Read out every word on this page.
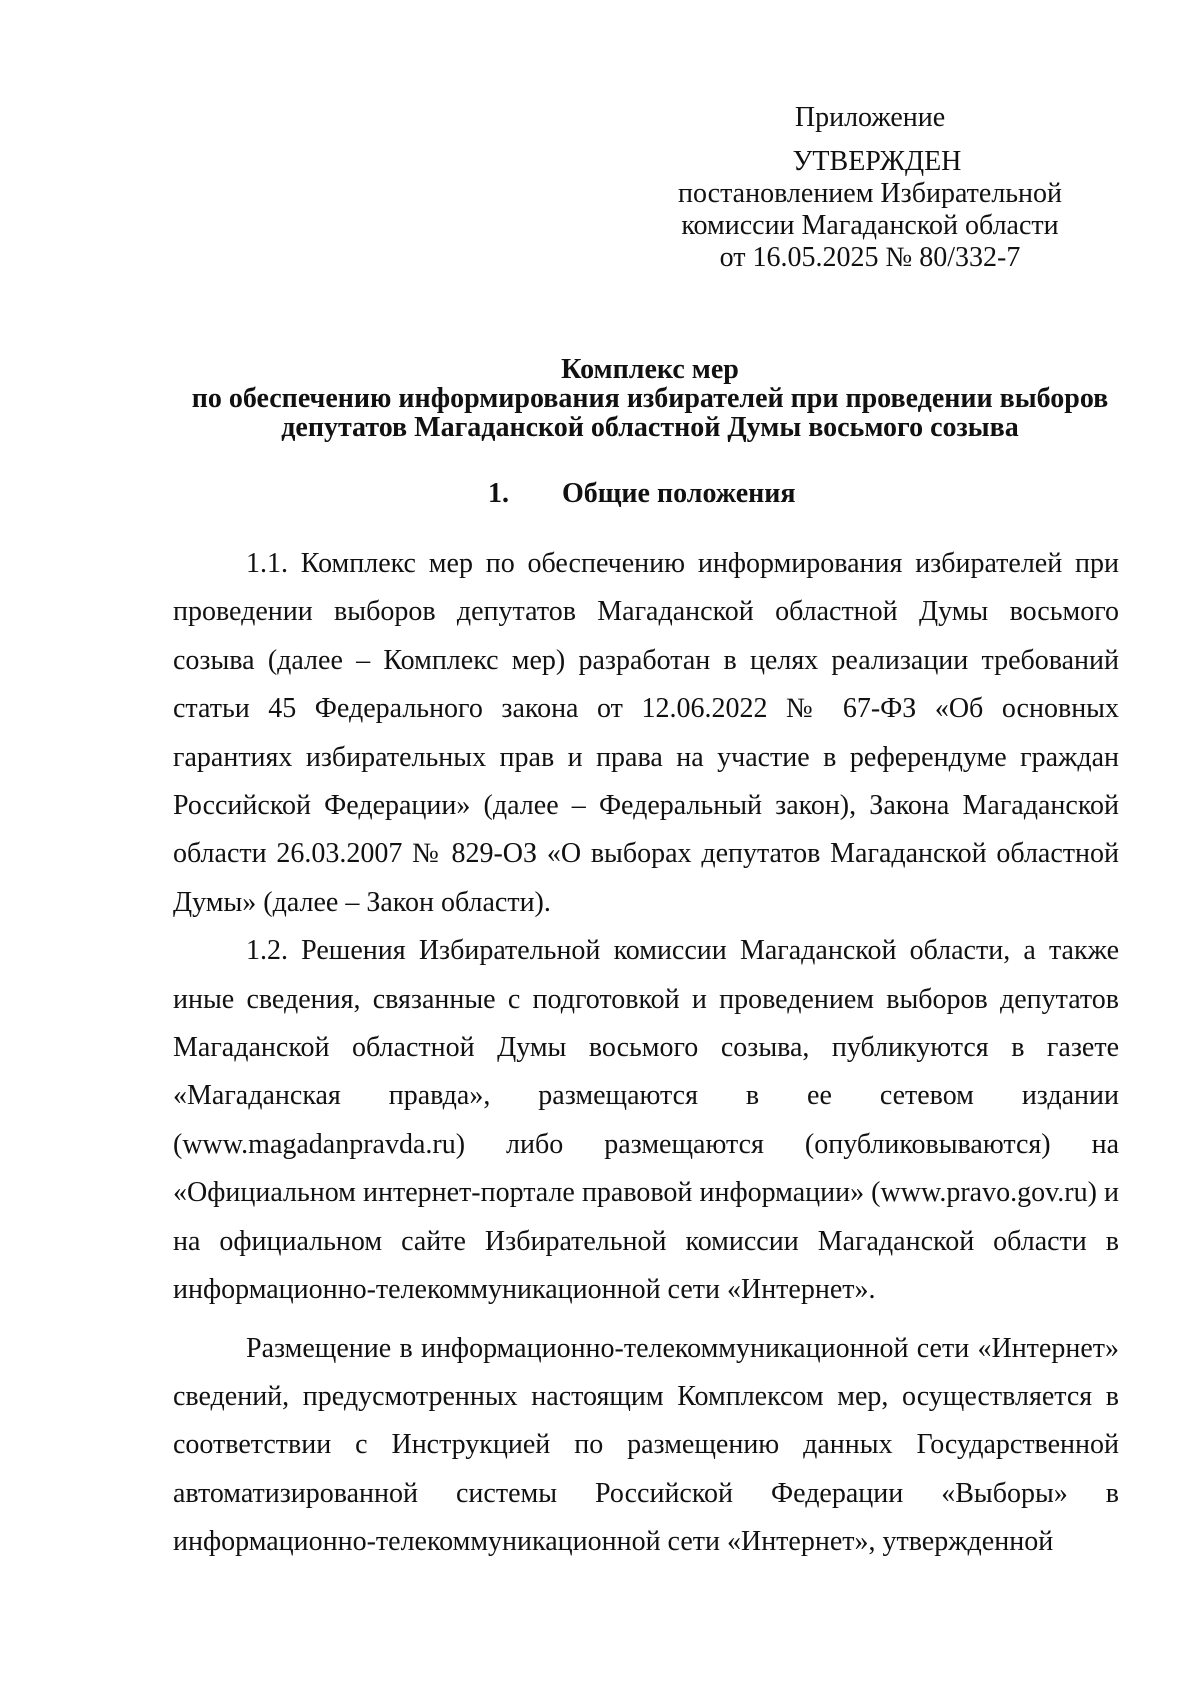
Приложение
УТВЕРЖДЕН
постановлением Избирательной
комиссии Магаданской области
от 16.05.2025 № 80/332-7
Комплекс мер
по обеспечению информирования избирателей при проведении выборов
депутатов Магаданской областной Думы восьмого созыва
1. Общие положения

1.1. Комплекс мер по обеспечению информирования избирателей при проведении выборов депутатов Магаданской областной Думы восьмого созыва (далее – Комплекс мер) разработан в целях реализации требований статьи 45 Федерального закона от 12.06.2022 № 67-ФЗ «Об основных гарантиях избирательных прав и права на участие в референдуме граждан Российской Федерации» (далее – Федеральный закон), Закона Магаданской области 26.03.2007 № 829-ОЗ «О выборах депутатов Магаданской областной Думы» (далее – Закон области).

1.2. Решения Избирательной комиссии Магаданской области, а также иные сведения, связанные с подготовкой и проведением выборов депутатов Магаданской областной Думы восьмого созыва, публикуются в газете «Магаданская правда», размещаются в ее сетевом издании (www.magadanpravda.ru) либо размещаются (опубликовываются) на «Официальном интернет-портале правовой информации» (www.pravo.gov.ru) и на официальном сайте Избирательной комиссии Магаданской области в информационно-телекоммуникационной сети «Интернет».

Размещение в информационно-телекоммуникационной сети «Интернет» сведений, предусмотренных настоящим Комплексом мер, осуществляется в соответствии с Инструкцией по размещению данных Государственной автоматизированной системы Российской Федерации «Выборы» в информационно-телекоммуникационной сети «Интернет», утвержденной
